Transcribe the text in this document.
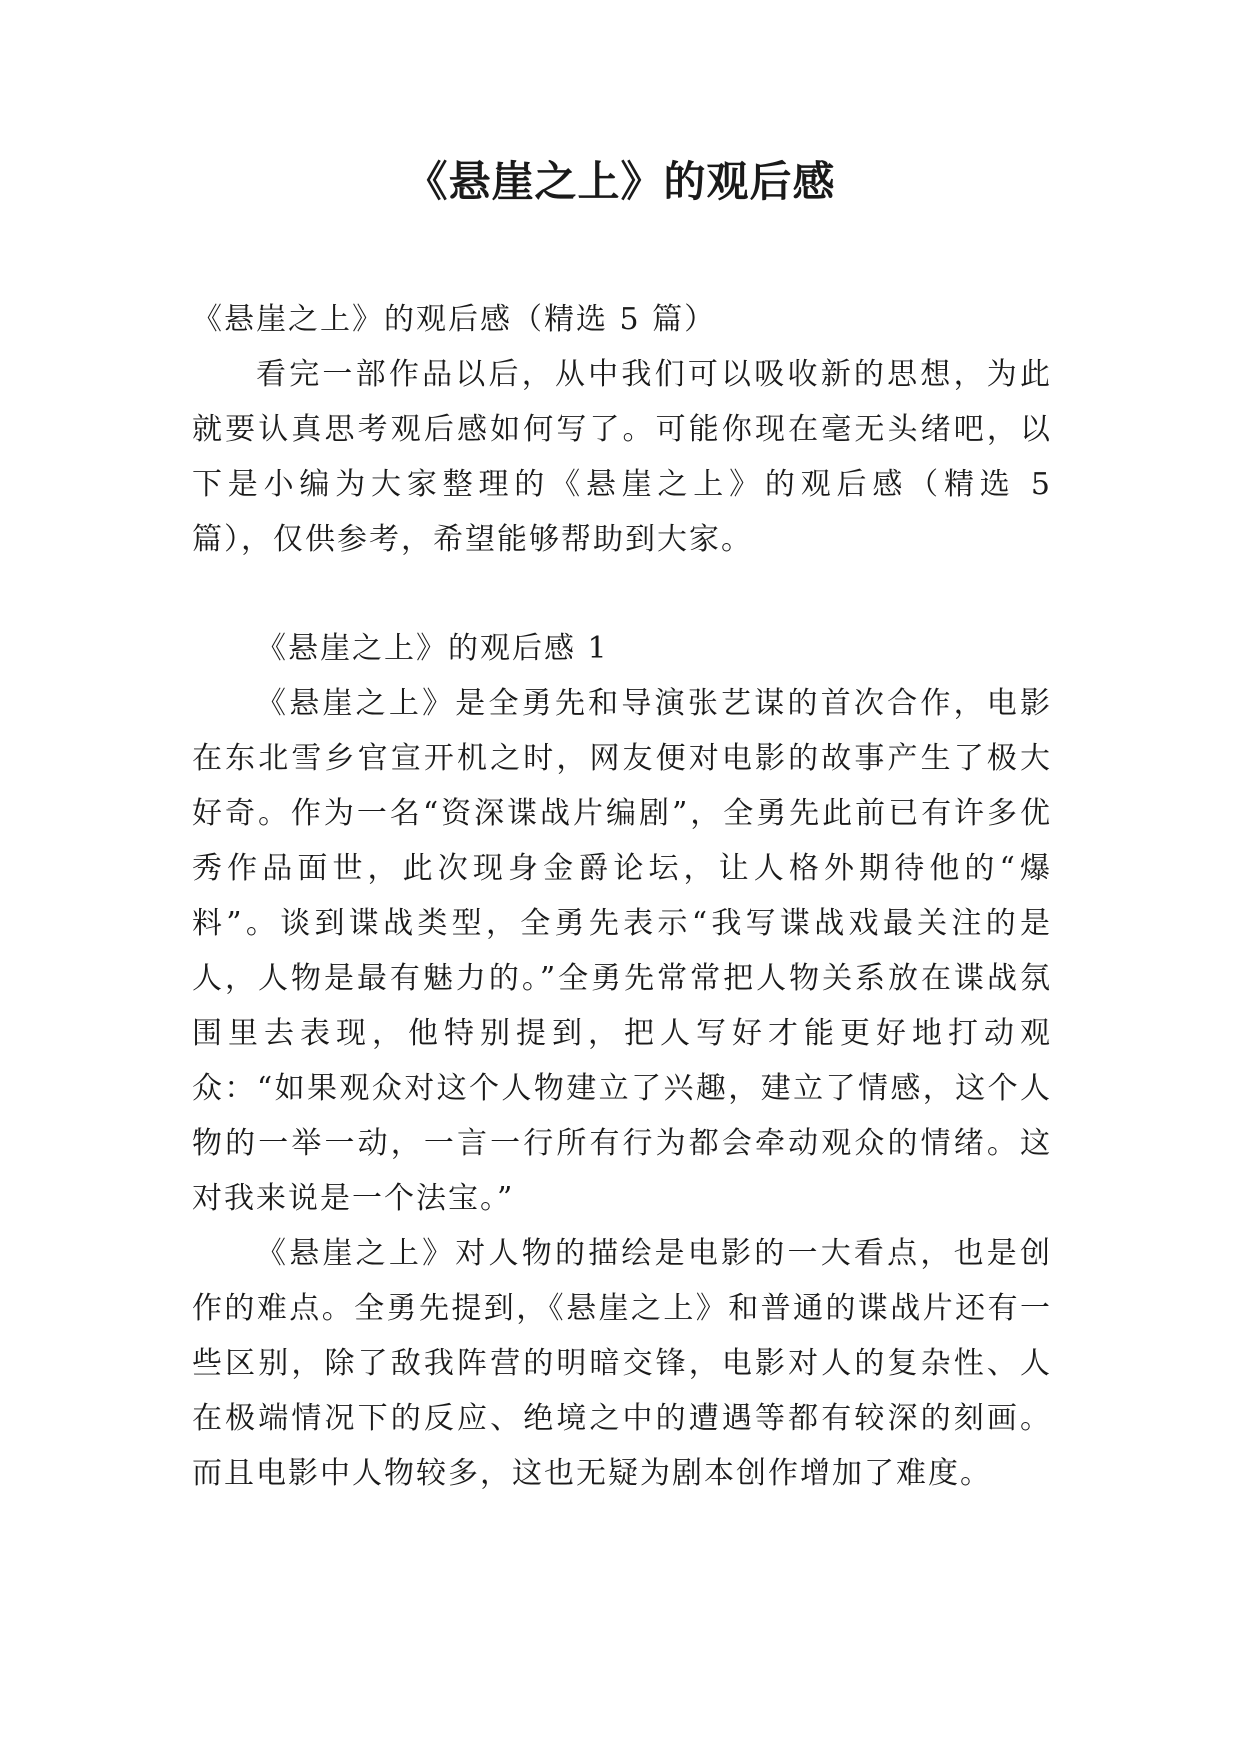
《悬崖之上》的观后感

《悬崖之上》的观后感（精选 5 篇）

看完一部作品以后，从中我们可以吸收新的思想，为此就要认真思考观后感如何写了。可能你现在毫无头绪吧，以下是小编为大家整理的《悬崖之上》的观后感（精选 5 篇），仅供参考，希望能够帮助到大家。

《悬崖之上》的观后感 1

《悬崖之上》是全勇先和导演张艺谋的首次合作，电影在东北雪乡官宣开机之时，网友便对电影的故事产生了极大好奇。作为一名“资深谍战片编剧”，全勇先此前已有许多优秀作品面世，此次现身金爵论坛，让人格外期待他的“爆料”。谈到谍战类型，全勇先表示“我写谍战戏最关注的是人，人物是最有魅力的。”全勇先常常把人物关系放在谍战氛围里去表现，他特别提到，把人写好才能更好地打动观众：“如果观众对这个人物建立了兴趣，建立了情感，这个人物的一举一动，一言一行所有行为都会牵动观众的情绪。这对我来说是一个法宝。”

《悬崖之上》对人物的描绘是电影的一大看点，也是创作的难点。全勇先提到，《悬崖之上》和普通的谍战片还有一些区别，除了敌我阵营的明暗交锋，电影对人的复杂性、人在极端情况下的反应、绝境之中的遭遇等都有较深的刻画。而且电影中人物较多，这也无疑为剧本创作增加了难度。
